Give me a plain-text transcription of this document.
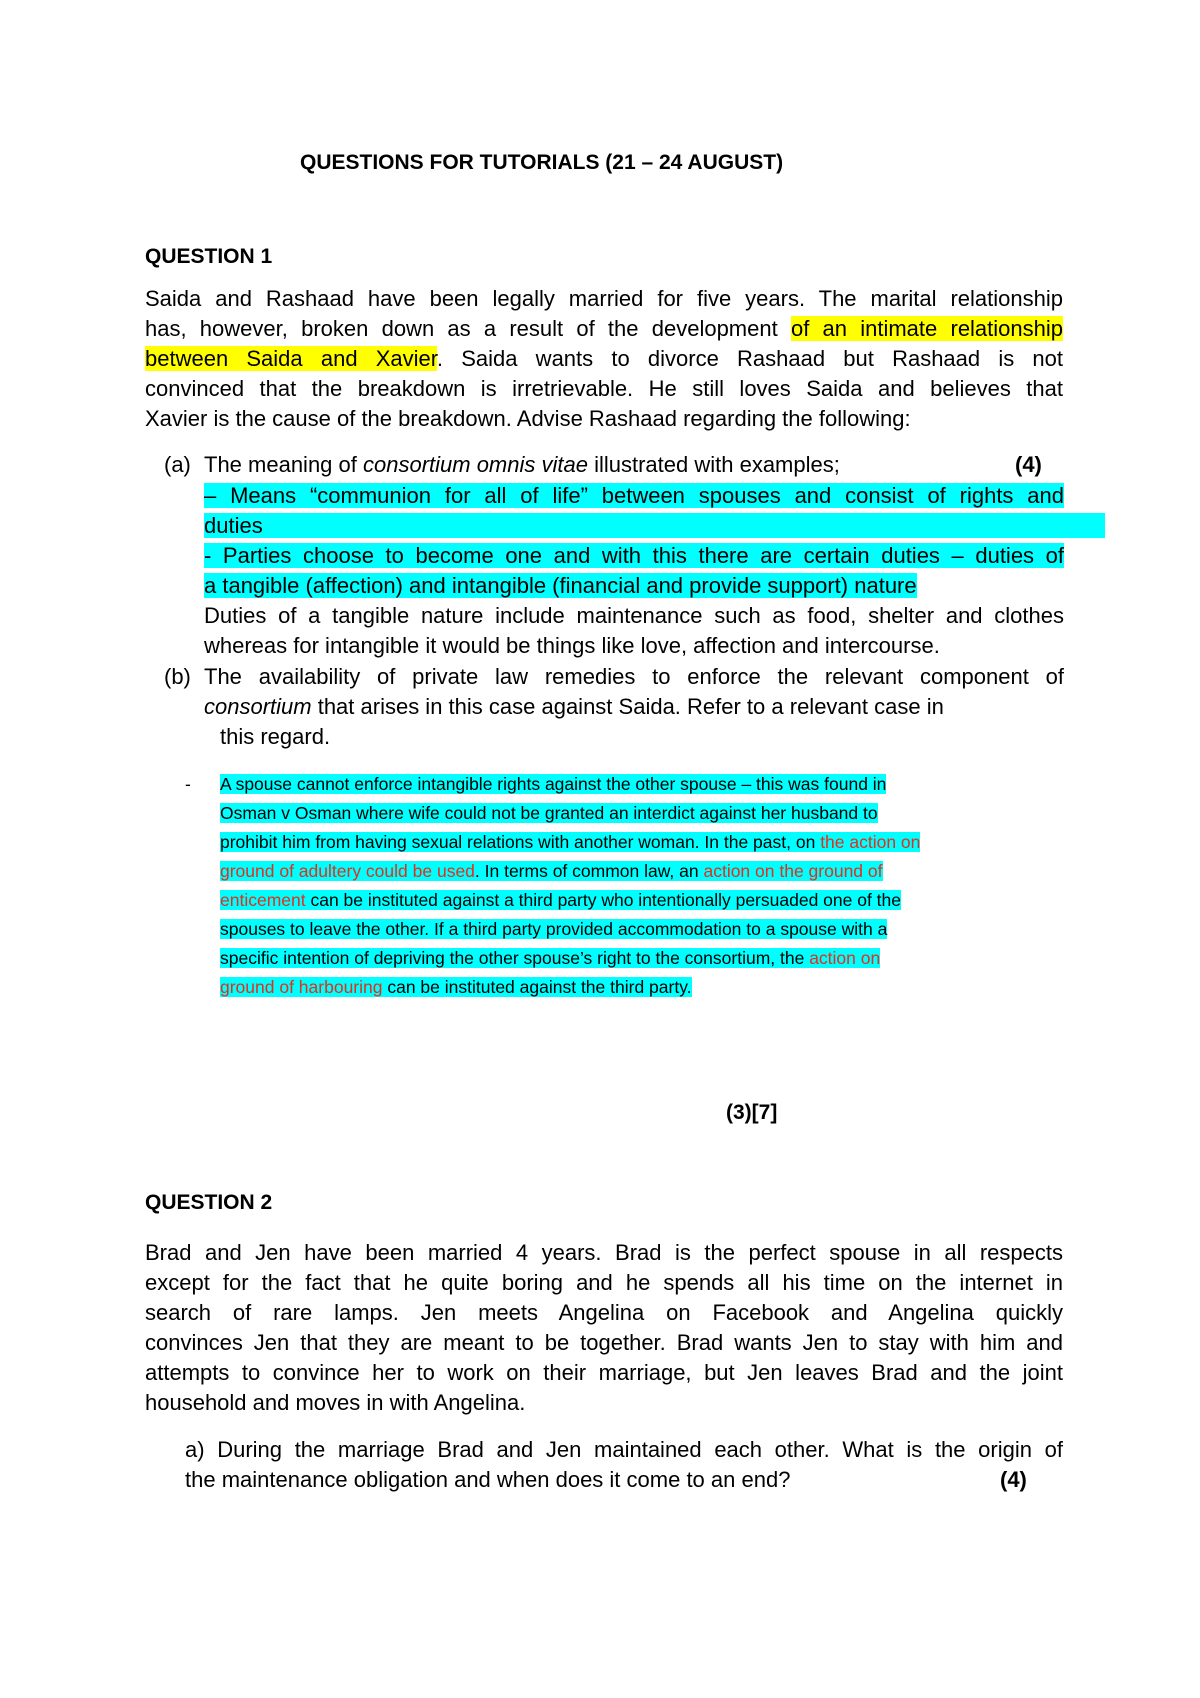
QUESTIONS FOR TUTORIALS (21 – 24 AUGUST)
QUESTION 1
Saida and Rashaad have been legally married for five years. The marital relationship
has, however, broken down as a result of the development of an intimate relationship
between Saida and Xavier. Saida wants to divorce Rashaad but Rashaad is not
convinced that the breakdown is irretrievable. He still loves Saida and believes that
Xavier is the cause of the breakdown. Advise Rashaad regarding the following:
(a) The meaning of consortium omnis vitae illustrated with examples;	(4)
– Means “communion for all of life” between spouses and consist of rights and
duties
- Parties choose to become one and with this there are certain duties – duties of
a tangible (affection) and intangible (financial and provide support) nature
Duties of a tangible nature include maintenance such as food, shelter and clothes
whereas for intangible it would be things like love, affection and intercourse.
(b) The availability of private law remedies to enforce the relevant component of
consortium that arises in this case against Saida. Refer to a relevant case in
this regard.
- A spouse cannot enforce intangible rights against the other spouse – this was found in
Osman v Osman where wife could not be granted an interdict against her husband to
prohibit him from having sexual relations with another woman. In the past, on the action on
ground of adultery could be used. In terms of common law, an action on the ground of
enticement can be instituted against a third party who intentionally persuaded one of the
spouses to leave the other. If a third party provided accommodation to a spouse with a
specific intention of depriving the other spouse’s right to the consortium, the action on
ground of harbouring can be instituted against the third party.
(3)[7]
QUESTION 2
Brad and Jen have been married 4 years. Brad is the perfect spouse in all respects
except for the fact that he quite boring and he spends all his time on the internet in
search of rare lamps. Jen meets Angelina on Facebook and Angelina quickly
convinces Jen that they are meant to be together. Brad wants Jen to stay with him and
attempts to convince her to work on their marriage, but Jen leaves Brad and the joint
household and moves in with Angelina.
a) During the marriage Brad and Jen maintained each other. What is the origin of
the maintenance obligation and when does it come to an end?	(4)
